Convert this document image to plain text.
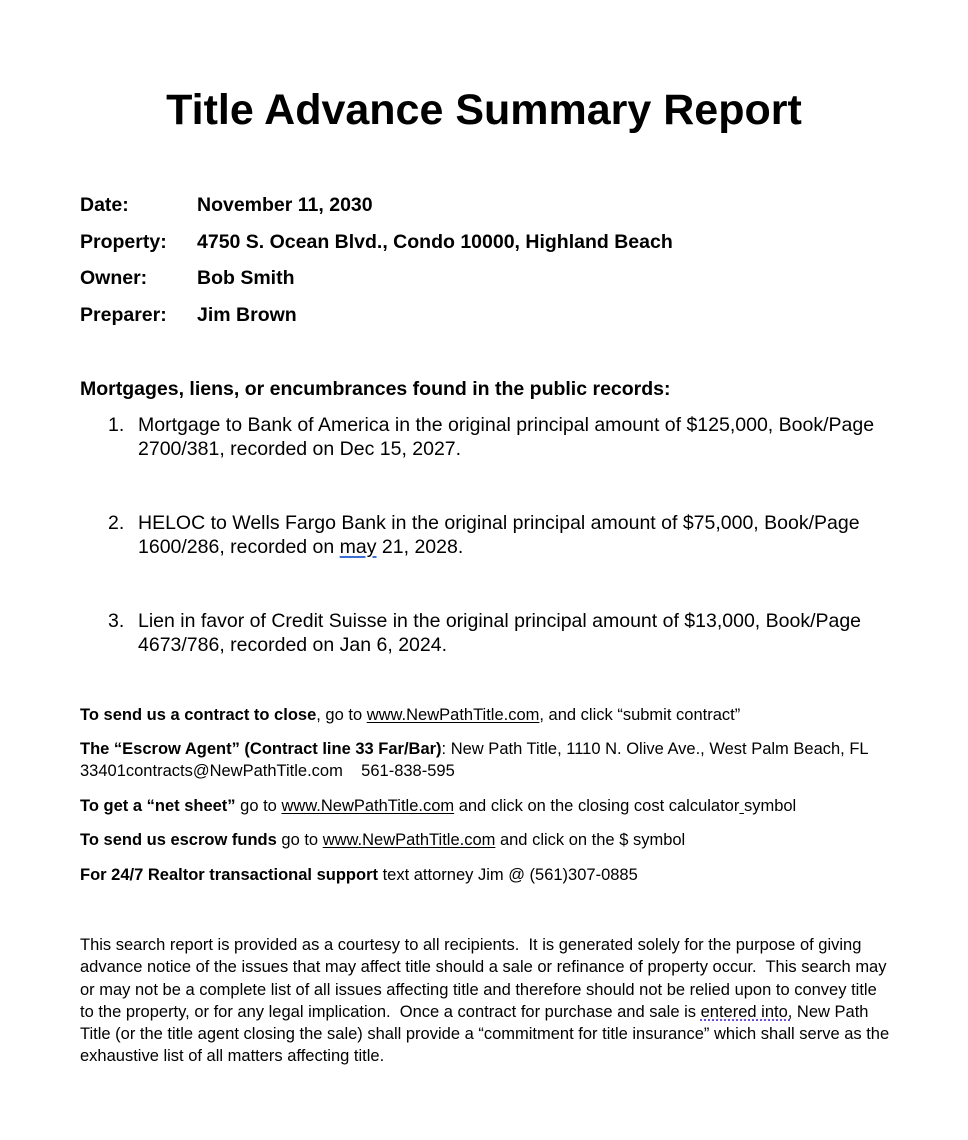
Title Advance Summary Report
Date:	November 11, 2030
Property:	4750 S. Ocean Blvd., Condo 10000, Highland Beach
Owner:	Bob Smith
Preparer:	Jim Brown
Mortgages, liens, or encumbrances found in the public records:
1. Mortgage to Bank of America in the original principal amount of $125,000, Book/Page 2700/381, recorded on Dec 15, 2027.
2. HELOC to Wells Fargo Bank in the original principal amount of $75,000, Book/Page 1600/286, recorded on may 21, 2028.
3. Lien in favor of Credit Suisse in the original principal amount of $13,000, Book/Page 4673/786, recorded on Jan 6, 2024.

To send us a contract to close, go to www.NewPathTitle.com, and click “submit contract”

The “Escrow Agent” (Contract line 33 Far/Bar): New Path Title, 1110 N. Olive Ave., West Palm Beach, FL 33401contracts@NewPathTitle.com    561-838-595

To get a “net sheet” go to www.NewPathTitle.com and click on the closing cost calculator symbol

To send us escrow funds go to www.NewPathTitle.com and click on the $ symbol

For 24/7 Realtor transactional support text attorney Jim @ (561)307-0885

This search report is provided as a courtesy to all recipients.  It is generated solely for the purpose of giving advance notice of the issues that may affect title should a sale or refinance of property occur.  This search may or may not be a complete list of all issues affecting title and therefore should not be relied upon to convey title to the property, or for any legal implication.  Once a contract for purchase and sale is entered into, New Path Title (or the title agent closing the sale) shall provide a “commitment for title insurance” which shall serve as the exhaustive list of all matters affecting title.
